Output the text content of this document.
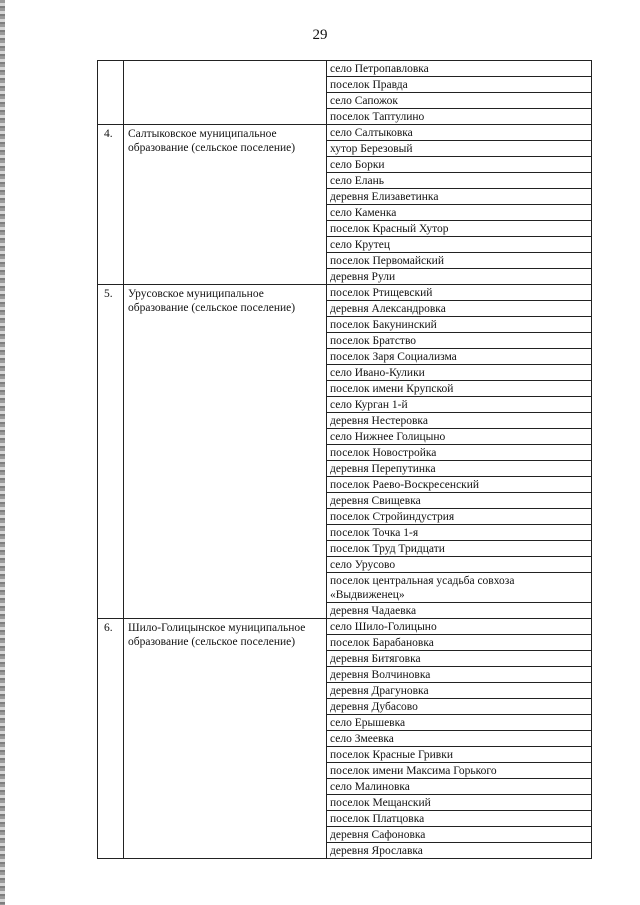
29
		село Петропавловка
		поселок Правда
		село Сапожок
		поселок Таптулино
4.	Салтыковское муниципальное образование (сельское поселение)	село Салтыковка
		хутор Березовый
		село Борки
		село Елань
		деревня Елизаветинка
		село Каменка
		поселок Красный Хутор
		село Крутец
		поселок Первомайский
		деревня Рули
5.	Урусовское муниципальное образование (сельское поселение)	поселок Ртищевский
		деревня Александровка
		поселок Бакунинский
		поселок Братство
		поселок Заря Социализма
		село Ивано-Кулики
		поселок имени Крупской
		село Курган 1-й
		деревня Нестеровка
		село Нижнее Голицыно
		поселок Новостройка
		деревня Перепутинка
		поселок Раево-Воскресенский
		деревня Свищевка
		поселок Стройиндустрия
		поселок Точка 1-я
		поселок Труд Тридцати
		село Урусово
		поселок центральная усадьба совхоза «Выдвиженец»
		деревня Чадаевка
6.	Шило-Голицынское муниципальное образование (сельское поселение)	село Шило-Голицыно
		поселок Барабановка
		деревня Битяговка
		деревня Волчиновка
		деревня Драгуновка
		деревня Дубасово
		село Ерышевка
		село Змеевка
		поселок Красные Гривки
		поселок имени Максима Горького
		село Малиновка
		поселок Мещанский
		поселок Платцовка
		деревня Сафоновка
		деревня Ярославка
